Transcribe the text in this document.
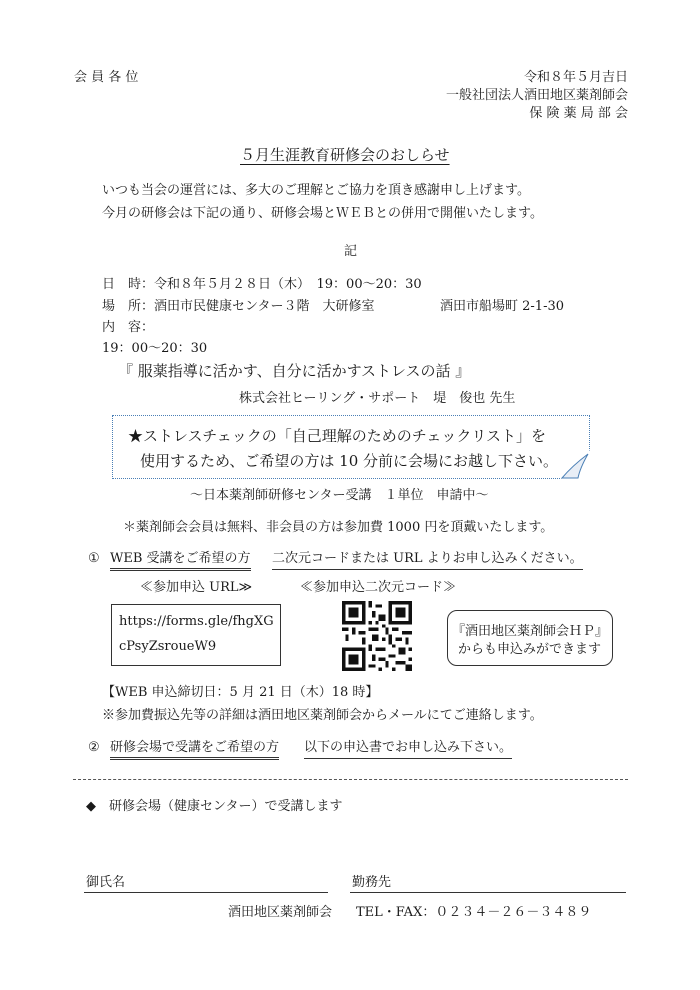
会 員 各 位	令和８年５月吉日
一般社団法人酒田地区薬剤師会
保 険 薬 局 部 会
５月生涯教育研修会のおしらせ
いつも当会の運営には、多大のご理解とご協力を頂き感謝申し上げます。
今月の研修会は下記の通り、研修会場とＷＥＢとの併用で開催いたします。
記
日　時：令和８年５月２８日（木）　19：00～20：30
場　所：酒田市民健康センター３階　大研修室	酒田市船場町 2-1-30
内　容：
19：00～20：30
『 服薬指導に活かす、自分に活かすストレスの話 』
株式会社ヒーリング・サポート　堤　俊也 先生
★ストレスチェックの「自己理解のためのチェックリスト」を
使用するため、ご希望の方は 10 分前に会場にお越し下さい。
～日本薬剤師研修センター受講　１単位　申請中～
＊薬剤師会会員は無料、非会員の方は参加費 1000 円を頂戴いたします。
① WEB 受講をご希望の方 二次元コードまたは URL よりお申し込みください。
≪参加申込 URL≫	≪参加申込二次元コード≫
https://forms.gle/fhgXG
cPsyZsroueW9
『酒田地区薬剤師会ＨＰ』
からも申込みができます
【WEB 申込締切日：5 月 21 日（木）18 時】
※参加費振込先等の詳細は酒田地区薬剤師会からメールにてご連絡します。
② 研修会場で受講をご希望の方 以下の申込書でお申し込み下さい。
◆　研修会場（健康センター）で受講します
御氏名	勤務先
酒田地区薬剤師会 TEL・FAX：０２３４－２６－３４８９
